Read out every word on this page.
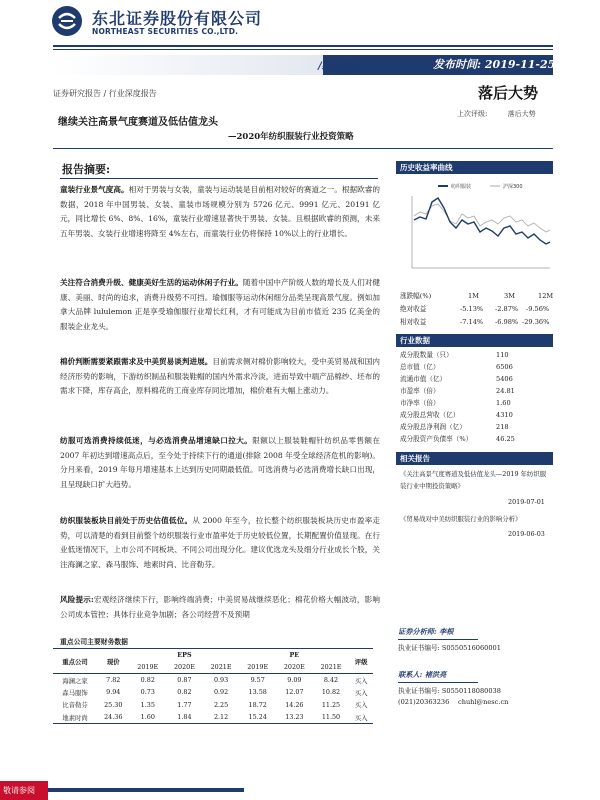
东北证券股份有限公司
NORTHEAST SECURITIES CO.,LTD.
/纺织服装	发布时间: 2019-11-25
证券研究报告 / 行业深度报告	落后大势
上次评级:	落后大势
继续关注高景气度赛道及低估值龙头
—2020年纺织服装行业投资策略
报告摘要:
童装行业景气度高。相对于男装与女装，童装与运动装是目前相对较好的赛道之一。根据欧睿的数据，2018 年中国男装、女装、童装市场规模分别为 5726 亿元、9991 亿元、20191 亿元，同比增长 6%、8%、16%，童装行业增速显著快于男装、女装。且根据欧睿的预测，未来五年男装、女装行业增速将降至 4%左右，而童装行业仍将保持 10%以上的行业增长。
关注符合消费升级、健康美好生活的运动休闲子行业。随着中国中产阶级人数的增长及人们对健康、美丽、时尚的追求，消费升级势不可挡。瑜伽服等运动休闲细分品类呈现高景气度。例如加拿大品牌 lululemon 正是享受瑜伽服行业增长红利，才有可能成为目前市值近 235 亿美金的服装企业龙头。
棉价判断需要紧跟需求及中美贸易谈判进展。目前需求侧对棉价影响较大，受中美贸易战和国内经济形势的影响，下游纺织制品和服装鞋帽的国内外需求冷淡，进而导致中端产品棉纱、坯布的需求下降，库存高企，原料棉花的工商业库存同比增加，棉价难有大幅上涨动力。
纺服可选消费持续低迷，与必选消费品增速缺口拉大。限额以上服装鞋帽针纺织品零售额在 2007 年初达到增速高点后，至今处于持续下行的通道(排除 2008 年受全球经济危机的影响)。分月来看，2019 年每月增速基本上达到历史同期最低值。可选消费与必选消费增长缺口出现，且呈现缺口扩大趋势。
纺织服装板块目前处于历史估值低位。从 2000 年至今，拉长整个纺织服装板块历史市盈率走势，可以清楚的看到目前整个纺织服装行业市盈率处于历史较低位置，长期配置价值显现。在行业低迷情况下，上市公司不同板块、不同公司出现分化。建议优选龙头及细分行业成长个股，关注海澜之家、森马服饰、地素时尚、比音勒芬。
风险提示:宏观经济继续下行，影响终端消费；中美贸易战继续恶化；棉花价格大幅波动，影响公司成本管控；具体行业竞争加剧；各公司经营不及预期
历史收益率曲线
纺织服装	沪深300
涨跌幅(%)	1M	3M	12M
绝对收益	-5.13% -2.87% -9.56%
相对收益	-7.14% -6.98% -29.36%
行业数据
成分股数量（只）	110
总市值（亿）	6506
流通市值（亿）	5406
市盈率（倍）	24.81
市净率（倍）	1.60
成分股总营收（亿）	4310
成分股总净利润（亿）	218
成分股资产负债率（%）	46.25
相关报告
《关注高景气度赛道及低估值龙头—2019 年纺织服装行业中期投资策略》
2019-07-01
《贸易战对中美纺织服装行业的影响分析》
2019-06-03
证券分析师: 李根
执业证书编号: S0550516060001
联系人: 褚洪亮
执业证书编号: S0550118080038
(021)20363236 chuhl@nesc.cn
重点公司主要财务数据
重点公司	现价	EPS			PE			评级
		2019E	2020E	2021E	2019E	2020E	2021E	
海澜之家	7.82	0.82	0.87	0.93	9.57	9.09	8.42	买入
森马服饰	9.94	0.73	0.82	0.92	13.58	12.07	10.82	买入
比音勒芬	25.30	1.35	1.77	2.25	18.72	14.26	11.25	买入
地素时尚	24.36	1.60	1.84	2.12	15.24	13.23	11.50	买入
敬请参阅
